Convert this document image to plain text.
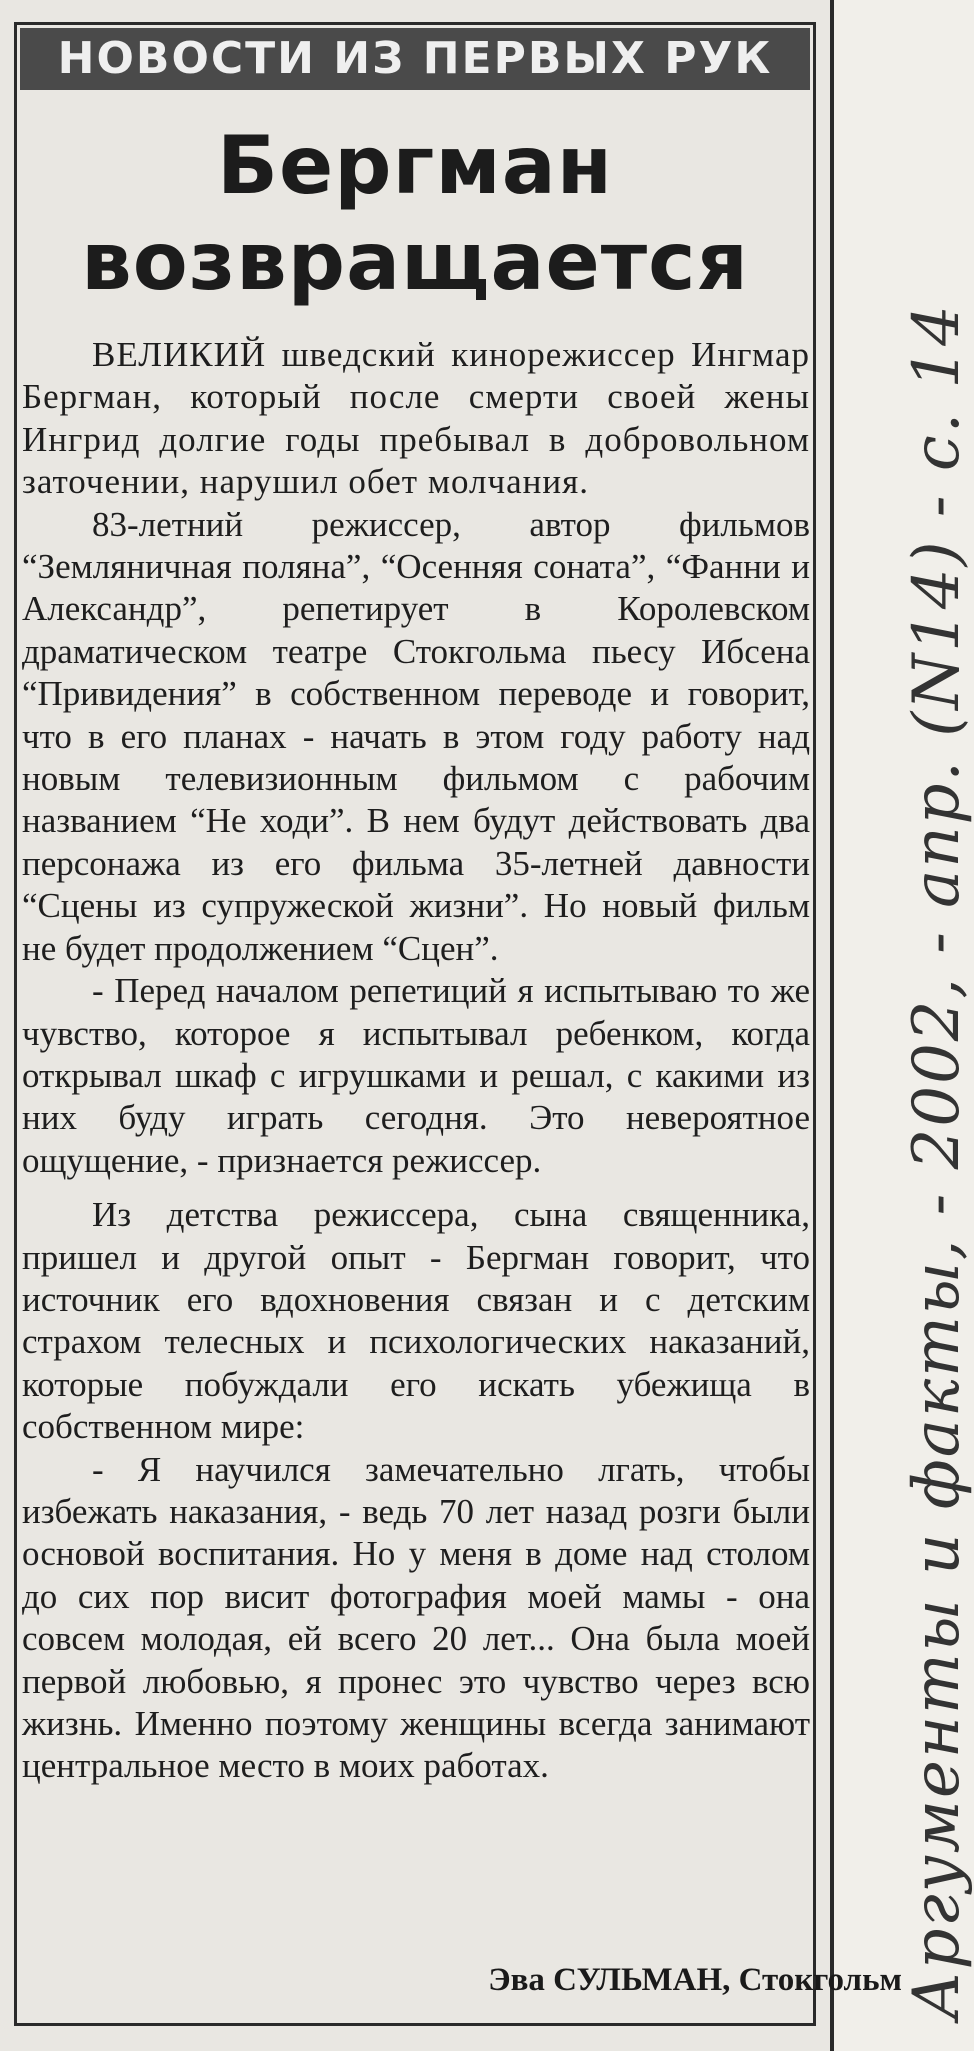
НОВОСТИ ИЗ ПЕРВЫХ РУК
Бергман
возвращается

ВЕЛИКИЙ шведский кинорежиссер Ингмар Бергман, который после смерти своей жены Ингрид долгие годы пребывал в добровольном заточении, нарушил обет молчания.

83-летний режиссер, автор фильмов “Земляничная поляна”, “Осенняя соната”, “Фанни и Александр”, репетирует в Королевском драматическом театре Стокгольма пьесу Ибсена “Привидения” в собственном переводе и говорит, что в его планах - начать в этом году работу над новым телевизионным фильмом с рабочим названием “Не ходи”. В нем будут действовать два персонажа из его фильма 35-летней давности “Сцены из супружеской жизни”. Но новый фильм не будет продолжением “Сцен”.

- Перед началом репетиций я испытываю то же чувство, которое я испытывал ребенком, когда открывал шкаф с игрушками и решал, с какими из них буду играть сегодня. Это невероятное ощущение, - признается режиссер.

Из детства режиссера, сына священника, пришел и другой опыт - Бергман говорит, что источник его вдохновения связан и с детским страхом телесных и психологических наказаний, которые побуждали его искать убежища в собственном мире:

- Я научился замечательно лгать, чтобы избежать наказания, - ведь 70 лет назад розги были основой воспитания. Но у меня в доме над столом до сих пор висит фотография моей мамы - она совсем молодая, ей всего 20 лет... Она была моей первой любовью, я пронес это чувство через всю жизнь. Именно поэтому женщины всегда занимают центральное место в моих работах.

Эва СУЛЬМАН, Стокгольм
Аргументы и факты, - 2002, - апр. (N14) - с. 14
